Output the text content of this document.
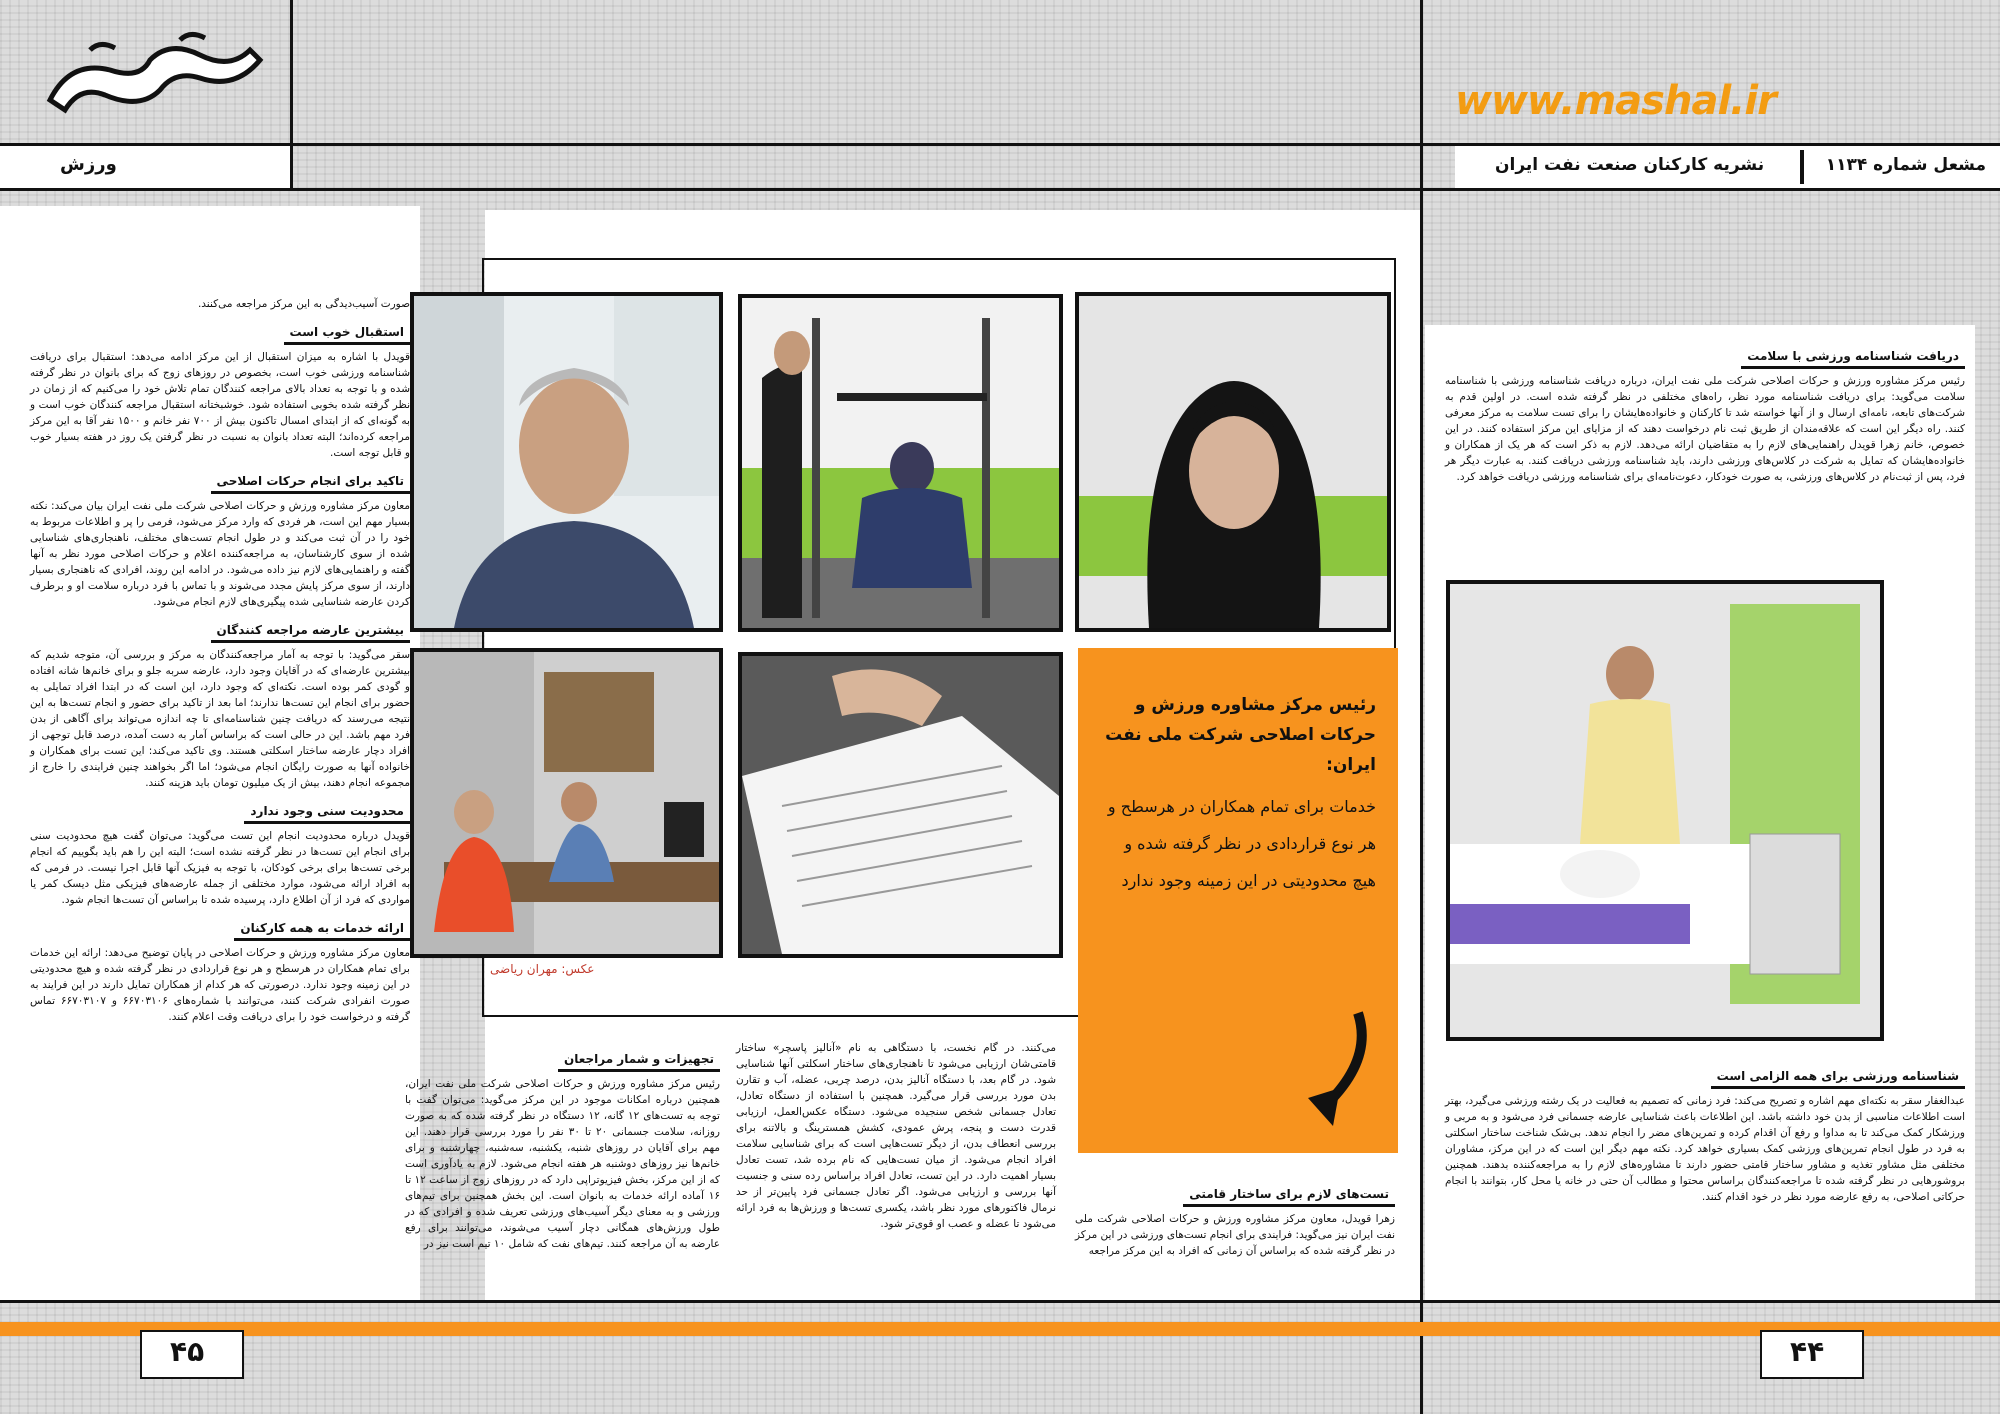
ورزش
www.mashal.ir
نشریه کارکنان صنعت نفت ایران	مشعل شماره ۱۱۳۴

صورت آسیب‌دیدگی به این مرکز مراجعه می‌کنند.

استقبال خوب است

قویدل با اشاره به میزان استقبال از این مرکز ادامه می‌دهد: استقبال برای دریافت شناسنامه ورزشی خوب است، بخصوص در روزهای زوج که برای بانوان در نظر گرفته شده و با توجه به تعداد بالای مراجعه کنندگان تمام تلاش خود را می‌کنیم که از زمان در نظر گرفته شده بخوبی استفاده شود. خوشبختانه استقبال مراجعه کنندگان خوب است و به گونه‌ای که از ابتدای امسال تاکنون بیش از ۷۰۰ نفر خانم و ۱۵۰۰ نفر آقا به این مرکز مراجعه کرده‌اند؛ البته تعداد بانوان به نسبت در نظر گرفتن یک روز در هفته بسیار خوب و قابل توجه است.

تاکید برای انجام حرکات اصلاحی

معاون مرکز مشاوره ورزش و حرکات اصلاحی شرکت ملی نفت ایران بیان می‌کند: نکته بسیار مهم این است، هر فردی که وارد مرکز می‌شود، فرمی را پر و اطلاعات مربوط به خود را در آن ثبت می‌کند و در طول انجام تست‌های مختلف، ناهنجاری‌های شناسایی شده از سوی کارشناسان، به مراجعه‌کننده اعلام و حرکات اصلاحی مورد نظر به آنها گفته و راهنمایی‌های لازم نیز داده می‌شود. در ادامه این روند، افرادی که ناهنجاری بسیار دارند، از سوی مرکز پایش مجدد می‌شوند و با تماس با فرد درباره سلامت او و برطرف کردن عارضه شناسایی شده پیگیری‌های لازم انجام می‌شود.

بیشترین عارضه مراجعه کنندگان

سقر می‌گوید: با توجه به آمار مراجعه‌کنندگان به مرکز و بررسی آن، متوجه شدیم که بیشترین عارضه‌ای که در آقایان وجود دارد، عارضه سربه جلو و برای خانم‌ها شانه افتاده و گودی کمر بوده است. نکته‌ای که وجود دارد، این است که در ابتدا افراد تمایلی به حضور برای انجام این تست‌ها ندارند؛ اما بعد از تاکید برای حضور و انجام تست‌ها به این نتیجه می‌رسند که دریافت چنین شناسنامه‌ای تا چه اندازه می‌تواند برای آگاهی از بدن فرد مهم باشد. این در حالی است که براساس آمار به دست آمده، درصد قابل توجهی از افراد دچار عارضه ساختار اسکلتی هستند. وی تاکید می‌کند: این تست برای همکاران و خانواده آنها به صورت رایگان انجام می‌شود؛ اما اگر بخواهند چنین فرایندی را خارج از مجموعه انجام دهند، بیش از یک میلیون تومان باید هزینه کنند.

محدودیت سنی وجود ندارد

قویدل درباره محدودیت انجام این تست می‌گوید: می‌توان گفت هیچ محدودیت سنی برای انجام این تست‌ها در نظر گرفته نشده است؛ البته این را هم باید بگوییم که انجام برخی تست‌ها برای برخی کودکان، با توجه به فیزیک آنها قابل اجرا نیست. در فرمی که به افراد ارائه می‌شود، موارد مختلفی از جمله عارضه‌های فیزیکی مثل دیسک کمر یا مواردی که فرد از آن اطلاع دارد، پرسیده شده تا براساس آن تست‌ها انجام شود.

ارائه خدمات به همه کارکنان

معاون مرکز مشاوره ورزش و حرکات اصلاحی در پایان توضیح می‌دهد: ارائه این خدمات برای تمام همکاران در هرسطح و هر نوع قراردادی در نظر گرفته شده و هیچ محدودیتی در این زمینه وجود ندارد. درصورتی که هر کدام از همکاران تمایل دارند در این فرایند به صورت انفرادی شرکت کنند، می‌توانند با شماره‌های ۶۶۷۰۳۱۰۶ و ۶۶۷۰۳۱۰۷ تماس گرفته و درخواست خود را برای دریافت وقت اعلام کنند.

عکس: مهران ریاضی
رئیس مرکز مشاوره ورزش و حرکات اصلاحی شرکت ملی نفت ایران:
خدمات برای تمام همکاران در هرسطح و هر نوع قراردادی در نظر گرفته شده و هیچ محدودیتی در این زمینه وجود ندارد

می‌کنند. در گام نخست، با دستگاهی به نام «آنالیز پاسچر» ساختار قامتی‌شان ارزیابی می‌شود تا ناهنجاری‌های ساختار اسکلتی آنها شناسایی شود. در گام بعد، با دستگاه آنالیز بدن، درصد چربی، عضله، آب و تقارن بدن مورد بررسی قرار می‌گیرد. همچنین با استفاده از دستگاه تعادل، تعادل جسمانی شخص سنجیده می‌شود. دستگاه عکس‌العمل، ارزیابی قدرت دست و پنجه، پرش عمودی، کشش همسترینگ و بالاتنه برای بررسی انعطاف بدن، از دیگر تست‌هایی است که برای شناسایی سلامت افراد انجام می‌شود. از میان تست‌هایی که نام برده شد، تست تعادل بسیار اهمیت دارد. در این تست، تعادل افراد براساس رده سنی و جنسیت آنها بررسی و ارزیابی می‌شود. اگر تعادل جسمانی فرد پایین‌تر از حد نرمال فاکتورهای مورد نظر باشد، یکسری تست‌ها و ورزش‌ها به فرد ارائه می‌شود تا عضله و عصب او قوی‌تر شود.

تجهیزات و شمار مراجعان

رئیس مرکز مشاوره ورزش و حرکات اصلاحی شرکت ملی نفت ایران، همچنین درباره امکانات موجود در این مرکز می‌گوید: می‌توان گفت با توجه به تست‌های ۱۲ گانه، ۱۲ دستگاه در نظر گرفته شده که به صورت روزانه، سلامت جسمانی ۲۰ تا ۳۰ نفر را مورد بررسی قرار دهند. این مهم برای آقایان در روزهای شنبه، یکشنبه، سه‌شنبه، چهارشنبه و برای خانم‌ها نیز روزهای دوشنبه هر هفته انجام می‌شود. لازم به یادآوری است که از این مرکز، بخش فیزیوتراپی دارد که در روزهای زوج از ساعت ۱۲ تا ۱۶ آماده ارائه خدمات به بانوان است. این بخش همچنین برای تیم‌های ورزشی و به معنای دیگر آسیب‌های ورزشی تعریف شده و افرادی که در طول ورزش‌های همگانی دچار آسیب می‌شوند، می‌توانند برای رفع عارضه به آن مراجعه کنند. تیم‌های نفت که شامل ۱۰ تیم است نیز در

تست‌های لازم برای ساختار قامتی

زهرا قویدل، معاون مرکز مشاوره ورزش و حرکات اصلاحی شرکت ملی نفت ایران نیز می‌گوید: فرایندی برای انجام تست‌های ورزشی در این مرکز در نظر گرفته شده که براساس آن زمانی که افراد به این مرکز مراجعه

دریافت شناسنامه ورزشی با سلامت

رئیس مرکز مشاوره ورزش و حرکات اصلاحی شرکت ملی نفت ایران، درباره دریافت شناسنامه ورزشی با شناسنامه سلامت می‌گوید: برای دریافت شناسنامه مورد نظر، راه‌های مختلفی در نظر گرفته شده است. در اولین قدم به شرکت‌های تابعه، نامه‌ای ارسال و از آنها خواسته شد تا کارکنان و خانواده‌هایشان را برای تست سلامت به مرکز معرفی کنند. راه دیگر این است که علاقه‌مندان از طریق ثبت نام درخواست دهند که از مزایای این مرکز استفاده کنند. در این خصوص، خانم زهرا قویدل راهنمایی‌های لازم را به متقاضیان ارائه می‌دهد. لازم به ذکر است که هر یک از همکاران و خانواده‌هایشان که تمایل به شرکت در کلاس‌های ورزشی دارند، باید شناسنامه ورزشی دریافت کنند. به عبارت دیگر هر فرد، پس از ثبت‌نام در کلاس‌های ورزشی، به صورت خودکار، دعوت‌نامه‌ای برای شناسنامه ورزشی دریافت خواهد کرد.

شناسنامه ورزشی برای همه الزامی است

عبدالغفار سقر به نکته‌ای مهم اشاره و تصریح می‌کند: فرد زمانی که تصمیم به فعالیت در یک رشته ورزشی می‌گیرد، بهتر است اطلاعات مناسبی از بدن خود داشته باشد. این اطلاعات باعث شناسایی عارضه جسمانی فرد می‌شود و به مربی و ورزشکار کمک می‌کند تا به مداوا و رفع آن اقدام کرده و تمرین‌های مضر را انجام ندهد. بی‌شک شناخت ساختار اسکلتی به فرد در طول انجام تمرین‌های ورزشی کمک بسیاری خواهد کرد. نکته مهم دیگر این است که در این مرکز، مشاوران مختلفی مثل مشاور تغذیه و مشاور ساختار قامتی حضور دارند تا مشاوره‌های لازم را به مراجعه‌کننده بدهند. همچنین بروشورهایی در نظر گرفته شده تا مراجعه‌کنندگان براساس محتوا و مطالب آن حتی در خانه یا محل کار، بتوانند با انجام حرکاتی اصلاحی، به رفع عارضه مورد نظر در خود اقدام کنند.

۴۵	۴۴
